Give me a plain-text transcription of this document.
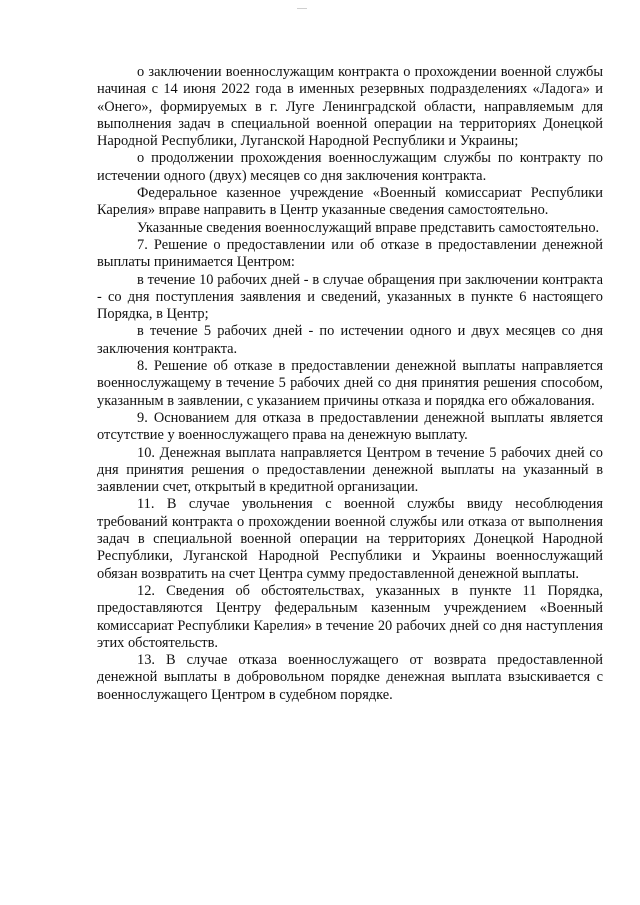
о заключении военнослужащим контракта о прохождении военной службы начиная с 14 июня 2022 года в именных резервных подразделениях «Ладога» и «Онего», формируемых в г. Луге Ленинградской области, направляемым для выполнения задач в специальной военной операции на территориях Донецкой Народной Республики, Луганской Народной Республики и Украины;

о продолжении прохождения военнослужащим службы по контракту по истечении одного (двух) месяцев со дня заключения контракта.

Федеральное казенное учреждение «Военный комиссариат Республики Карелия» вправе направить в Центр указанные сведения самостоятельно.

Указанные сведения военнослужащий вправе представить самостоятельно.

7. Решение о предоставлении или об отказе в предоставлении денежной выплаты принимается Центром:

в течение 10 рабочих дней - в случае обращения при заключении контракта - со дня поступления заявления и сведений, указанных в пункте 6 настоящего Порядка, в Центр;

в течение 5 рабочих дней - по истечении одного и двух месяцев со дня заключения контракта.

8. Решение об отказе в предоставлении денежной выплаты направляется военнослужащему в течение 5 рабочих дней со дня принятия решения способом, указанным в заявлении, с указанием причины отказа и порядка его обжалования.

9. Основанием для отказа в предоставлении денежной выплаты является отсутствие у военнослужащего права на денежную выплату.

10. Денежная выплата направляется Центром в течение 5 рабочих дней со дня принятия решения о предоставлении денежной выплаты на указанный в заявлении счет, открытый в кредитной организации.

11. В случае увольнения с военной службы ввиду несоблюдения требований контракта о прохождении военной службы или отказа от выполнения задач в специальной военной операции на территориях Донецкой Народной Республики, Луганской Народной Республики и Украины военнослужащий обязан возвратить на счет Центра сумму предоставленной денежной выплаты.

12. Сведения об обстоятельствах, указанных в пункте 11 Порядка, предоставляются Центру федеральным казенным учреждением «Военный комиссариат Республики Карелия» в течение 20 рабочих дней со дня наступления этих обстоятельств.

13. В случае отказа военнослужащего от возврата предоставленной денежной выплаты в добровольном порядке денежная выплата взыскивается с военнослужащего Центром в судебном порядке.
